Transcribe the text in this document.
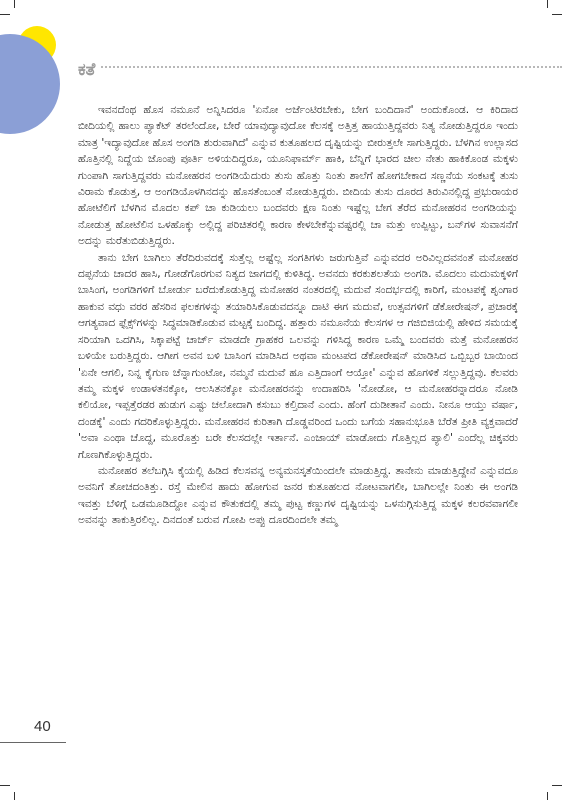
ಕತೆ

ಇವನದೆಂಥ ಹೊಸ ನಮೂನೆ ಅನ್ನಿಸಿದರೂ 'ಏನೋ ಅರ್ಜೆಂಟಿರಬೇಕು, ಬೇಗ ಬಂದಿದಾನೆ' ಅಂದುಕೊಂಡ. ಆ ಕಿರಿದಾದ ಬೀದಿಯಲ್ಲಿ ಹಾಲು ಪ್ಯಾಕೆಟ್ ತರಲೆಂದೋ, ಬೇರೆ ಯಾವುದ್ಯಾವುದೋ ಕೆಲಸಕ್ಕೆ ಅತ್ತಿತ್ತ ಹಾಯುತ್ತಿದ್ದವರು ನಿತ್ಯ ನೋಡುತ್ತಿದ್ದರೂ ಇಂದು ಮಾತ್ರ 'ಇದ್ಯಾವುದೋ ಹೊಸ ಅಂಗಡಿ ಶುರುವಾಗಿದೆ' ಎನ್ನುವ ಕುತೂಹಲದ ದೃಷ್ಟಿಯನ್ನು ಬೀರುತ್ತಲೇ ಸಾಗುತ್ತಿದ್ದರು. ಬೆಳಗಿನ ಉಲ್ಲಾಸದ ಹೊತ್ತಿನಲ್ಲಿ ನಿದ್ದೆಯ ಜೊಂಪು ಪೂರ್ತಿ ಅಳಿಯದಿದ್ದರೂ, ಯೂನಿಫಾರ್ಮ್ ಹಾಕಿ, ಬೆನ್ನಿಗೆ ಭಾರದ ಚೀಲ ನೇತು ಹಾಕಿಕೊಂಡ ಮಕ್ಕಳು ಗುಂಪಾಗಿ ಸಾಗುತ್ತಿದ್ದವರು ಮನೋಹರನ ಅಂಗಡಿಯೆದುರು ತುಸು ಹೊತ್ತು ನಿಂತು ಶಾಲೆಗೆ ಹೋಗಬೇಕಾದ ಸಣ್ಣನೆಯ ಸಂಕಟಕ್ಕೆ ತುಸು ವಿರಾಮ ಕೊಡುತ್ತ, ಆ ಅಂಗಡಿಯೊಳಗಿನದನ್ನು ಹೊಸತೆಂಬಂತೆ ನೋಡುತ್ತಿದ್ದರು. ಬೀದಿಯ ತುಸು ದೂರದ ತಿರುವಿನಲ್ಲಿದ್ದ ಪ್ರಭುರಾಯರ ಹೋಟೆಲಿಗೆ ಬೆಳಗಿನ ಮೊದಲ ಕಪ್ ಚಾ ಕುಡಿಯಲು ಬಂದವರು ಕ್ಷಣ ನಿಂತು ಇಷ್ಟೆಲ್ಲ ಬೇಗ ತೆರೆದ ಮನೋಹರನ ಅಂಗಡಿಯನ್ನು ನೋಡುತ್ತ ಹೋಟೆಲಿನ ಒಳಹೊಕ್ಕು ಅಲ್ಲಿದ್ದ ಪರಿಚಿತರಲ್ಲಿ ಕಾರಣ ಕೇಳಬೇಕೆನ್ನುವಷ್ಟರಲ್ಲಿ ಚಾ ಮತ್ತು ಉಪ್ಪಿಟ್ಟು, ಬನ್‌ಗಳ ಸುವಾಸನೆಗೆ ಅದನ್ನು ಮರೆತುಬಿಡುತ್ತಿದ್ದರು.

ತಾನು ಬೇಗ ಬಾಗಿಲು ತೆರೆದಿರುವದಕ್ಕೆ ಸುತ್ತೆಲ್ಲ ಅಷ್ಟೆಲ್ಲ ಸಂಗತಿಗಳು ಜರುಗುತ್ತಿವೆ ಎನ್ನುವದರ ಅರಿವಿಲ್ಲದವನಂತೆ ಮನೋಹರ ದಪ್ಪನೆಯ ಚಾದರ ಹಾಸಿ, ಗೋಡೆಗೊರಗುವ ನಿತ್ಯದ ಜಾಗದಲ್ಲಿ ಕುಳಿತಿದ್ದ. ಅವನದು ಕರಕುಶಲತೆಯ ಅಂಗಡಿ. ಮೊದಲು ಮದುಮಕ್ಕಳಿಗೆ ಬಾಸಿಂಗ, ಅಂಗಡಿಗಳಿಗೆ ಬೋರ್ಡು ಬರೆದುಕೊಡುತ್ತಿದ್ದ ಮನೋಹರ ನಂತರದಲ್ಲಿ ಮದುವೆ ಸಂದರ್ಭದಲ್ಲಿ ಕಾರಿಗೆ, ಮಂಟಪಕ್ಕೆ ಶೃಂಗಾರ ಹಾಕುವ ವಧು ವರರ ಹೆಸರಿನ ಫಲಕಗಳನ್ನು ತಯಾರಿಸಿಕೊಡುವದನ್ನೂ ದಾಟಿ ಈಗ ಮದುವೆ, ಉತ್ಸವಗಳಿಗೆ ಡೆಕೋರೇಷನ್, ಪ್ರಚಾರಕ್ಕೆ ಆಗತ್ಯವಾದ ಫ್ಲೆಕ್ಸ್‌ಗಳನ್ನು ಸಿದ್ಧಮಾಡಿಕೊಡುವ ಮಟ್ಟಕ್ಕೆ ಬಂದಿದ್ದ. ಹತ್ತಾರು ನಮೂನೆಯ ಕೆಲಸಗಳ ಆ ಗಜಿಬಿಜಿಯಲ್ಲಿ ಹೇಳಿದ ಸಮಯಕ್ಕೆ ಸರಿಯಾಗಿ ಒದಗಿಸಿ, ಸಿಕ್ಕಾಪಟ್ಟೆ ಚಾರ್ಜ್ ಮಾಡದೇ ಗ್ರಾಹಕರ ಒಲವನ್ನು ಗಳಿಸಿದ್ದ ಕಾರಣ ಒಮ್ಮೆ ಬಂದವರು ಮತ್ತೆ ಮನೋಹರನ ಬಳಿಯೇ ಬರುತ್ತಿದ್ದರು. ಆಗೀಗ ಅವನ ಬಳಿ ಬಾಸಿಂಗ ಮಾಡಿಸಿದ ಅಥವಾ ಮಂಟಪದ ಡೆಕೋರೇಷನ್ ಮಾಡಿಸಿದ ಒಬ್ಬಿಬ್ಬರ ಬಾಯಿಂದ 'ಏನೇ ಆಗಲಿ, ನಿನ್ನ ಕೈಗುಣ ಚೆನ್ನಾಗುಂಟೋ, ನಮ್ಮನೆ ಮದುವೆ ಹೂ ಎತ್ತಿದಾಂಗೆ ಆಯ್ತೋ' ಎನ್ನುವ ಹೊಗಳಿಕೆ ಸಲ್ಲುತ್ತಿದ್ದವು. ಕೆಲವರು ತಮ್ಮ ಮಕ್ಕಳ ಉಡಾಳತನಕ್ಕೋ, ಆಲಸಿತನಕ್ಕೋ ಮನೋಹರನನ್ನು ಉದಾಹರಿಸಿ 'ನೋಡೋ, ಆ ಮನೋಹರನ್ನಾದರೂ ನೋಡಿ ಕಲಿಯೋ, ಇಪ್ಪತ್ತೆರಡರ ಹುಡುಗ ಎಷ್ಟು ಚಲೋದಾಗಿ ಕಸುಬು ಕಲ್ತಿದಾನೆ ಎಂದು. ಹೆಂಗೆ ದುಡೀತಾನೆ ಎಂದು. ನೀನೂ ಆಯ್ತು ವರ್ಷಾ, ದಂಡಕ್ಕೆ' ಎಂದು ಗದರಿಕೊಳ್ಳುತ್ತಿದ್ದರು. ಮನೋಹರನ ಕುರಿತಾಗಿ ದೊಡ್ಡವರಿಂದ ಒಂದು ಬಗೆಯ ಸಹಾನುಭೂತಿ ಬೆರೆತ ಪ್ರೀತಿ ವ್ಯಕ್ತವಾದರೆ 'ಅವಾ ಎಂಥಾ ಚೊದ್ದ, ಮೂರೊತ್ತು ಬರೇ ಕೆಲಸದಲ್ಲೇ ಇರ್ತಾನೆ. ಎಂಜಾಯ್ ಮಾಡೋದು ಗೊತ್ತಿಲ್ಲದ ಪ್ಯಾಲಿ' ಎಂದೆಲ್ಲ ಚಿಕ್ಕವರು ಗೊಣಗಿಕೊಳ್ಳುತ್ತಿದ್ದರು.

ಮನೋಹರ ತಲೆಬಗ್ಗಿಸಿ ಕೈಯಲ್ಲಿ ಹಿಡಿದ ಕೆಲಸವನ್ನ ಅನ್ಯಮನಸ್ಕತೆಯಿಂದಲೇ ಮಾಡುತ್ತಿದ್ದ. ತಾನೇನು ಮಾಡುತ್ತಿದ್ದೇನೆ ಎನ್ನುವದೂ ಅವನಿಗೆ ತೋಚದಂತಿತ್ತು. ರಸ್ತೆ ಮೇಲಿನ ಹಾದು ಹೋಗುವ ಜನರ ಕುತೂಹಲದ ನೋಟವಾಗಲೀ, ಬಾಗಿಲಲ್ಲೇ ನಿಂತು ಈ ಅಂಗಡಿ ಇವತ್ತು ಬೆಳಿಗ್ಗೆ ಒಡಮೂಡಿದ್ದೋ ಎನ್ನುವ ಕೌತುಕದಲ್ಲಿ ತಮ್ಮ ಪುಟ್ಟ ಕಣ್ಣುಗಳ ದೃಷ್ಟಿಯನ್ನು ಒಳನುಗ್ಗಿಸುತ್ತಿದ್ದ ಮಕ್ಕಳ ಕಲರವವಾಗಲೀ ಅವನನ್ನು ತಾಕುತ್ತಿರಲಿಲ್ಲ. ದಿನದಂತೆ ಬರುವ ಗೋಪಿ ಅಪ್ಪು ದೂರದಿಂದಲೇ ತಮ್ಮ

40
